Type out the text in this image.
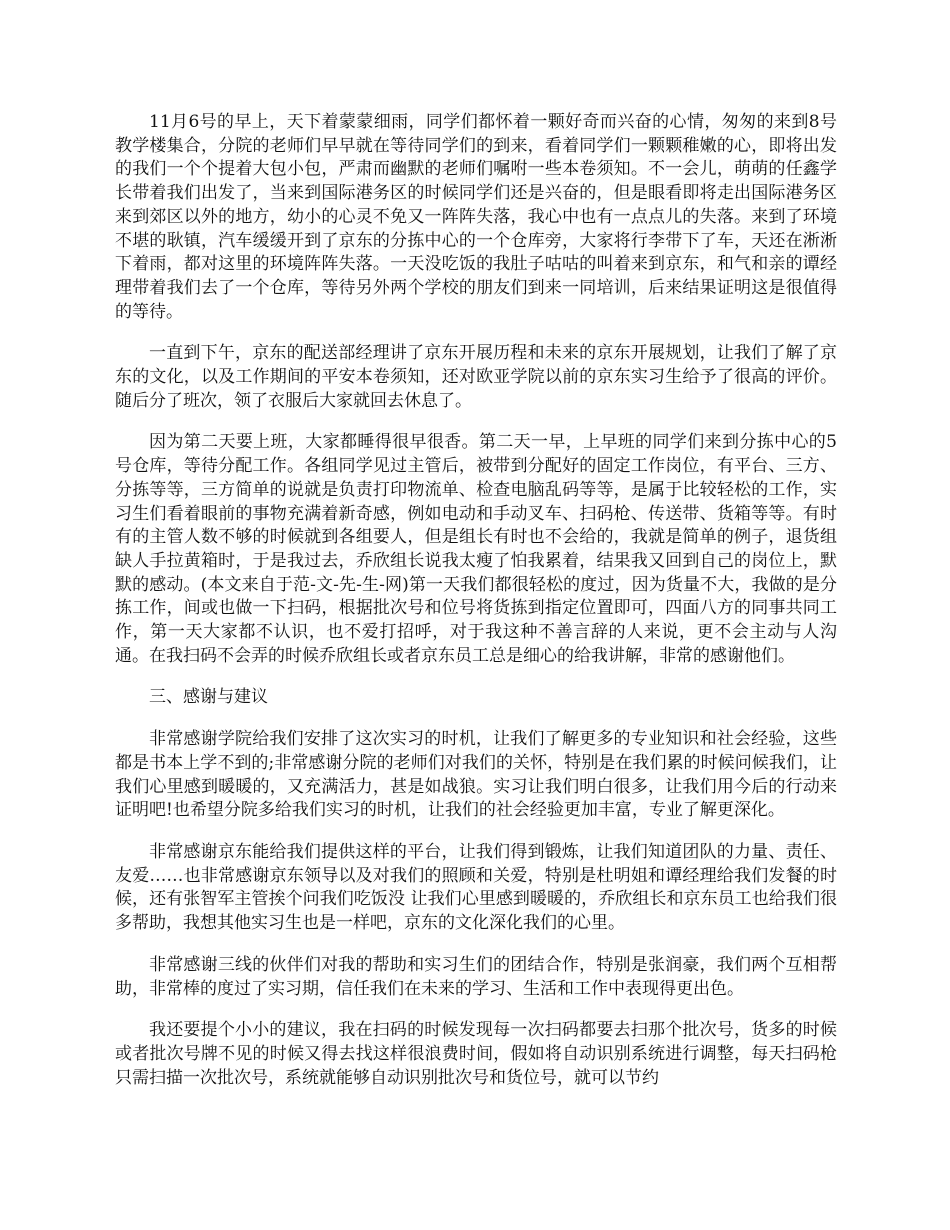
11月6号的早上，天下着蒙蒙细雨，同学们都怀着一颗好奇而兴奋的心情，匆匆的来到8号教学楼集合，分院的老师们早早就在等待同学们的到来，看着同学们一颗颗稚嫩的心，即将出发的我们一个个提着大包小包，严肃而幽默的老师们嘱咐一些本卷须知。不一会儿，萌萌的任鑫学长带着我们出发了，当来到国际港务区的时候同学们还是兴奋的，但是眼看即将走出国际港务区来到郊区以外的地方，幼小的心灵不免又一阵阵失落，我心中也有一点点儿的失落。来到了环境不堪的耿镇，汽车缓缓开到了京东的分拣中心的一个仓库旁，大家将行李带下了车，天还在淅淅下着雨，都对这里的环境阵阵失落。一天没吃饭的我肚子咕咕的叫着来到京东，和气和亲的谭经理带着我们去了一个仓库，等待另外两个学校的朋友们到来一同培训，后来结果证明这是很值得的等待。

一直到下午，京东的配送部经理讲了京东开展历程和未来的京东开展规划，让我们了解了京东的文化，以及工作期间的平安本卷须知，还对欧亚学院以前的京东实习生给予了很高的评价。随后分了班次，领了衣服后大家就回去休息了。

因为第二天要上班，大家都睡得很早很香。第二天一早，上早班的同学们来到分拣中心的5号仓库，等待分配工作。各组同学见过主管后，被带到分配好的固定工作岗位，有平台、三方、分拣等等，三方简单的说就是负责打印物流单、检查电脑乱码等等，是属于比较轻松的工作，实习生们看着眼前的事物充满着新奇感，例如电动和手动叉车、扫码枪、传送带、货箱等等。有时有的主管人数不够的时候就到各组要人，但是组长有时也不会给的，我就是简单的例子，退货组缺人手拉黄箱时，于是我过去，乔欣组长说我太瘦了怕我累着，结果我又回到自己的岗位上，默默的感动。(本文来自于范-文-先-生-网)第一天我们都很轻松的度过，因为货量不大，我做的是分拣工作，间或也做一下扫码，根据批次号和位号将货拣到指定位置即可，四面八方的同事共同工作，第一天大家都不认识，也不爱打招呼，对于我这种不善言辞的人来说，更不会主动与人沟通。在我扫码不会弄的时候乔欣组长或者京东员工总是细心的给我讲解，非常的感谢他们。

三、感谢与建议

非常感谢学院给我们安排了这次实习的时机，让我们了解更多的专业知识和社会经验，这些都是书本上学不到的;非常感谢分院的老师们对我们的关怀，特别是在我们累的时候问候我们，让我们心里感到暖暖的，又充满活力，甚是如战狼。实习让我们明白很多，让我们用今后的行动来证明吧!也希望分院多给我们实习的时机，让我们的社会经验更加丰富，专业了解更深化。

非常感谢京东能给我们提供这样的平台，让我们得到锻炼，让我们知道团队的力量、责任、友爱……也非常感谢京东领导以及对我们的照顾和关爱，特别是杜明姐和谭经理给我们发餐的时候，还有张智军主管挨个问我们吃饭没 让我们心里感到暖暖的，乔欣组长和京东员工也给我们很多帮助，我想其他实习生也是一样吧，京东的文化深化我们的心里。

非常感谢三线的伙伴们对我的帮助和实习生们的团结合作，特别是张润豪，我们两个互相帮助，非常棒的度过了实习期，信任我们在未来的学习、生活和工作中表现得更出色。

我还要提个小小的建议，我在扫码的时候发现每一次扫码都要去扫那个批次号，货多的时候或者批次号牌不见的时候又得去找这样很浪费时间，假如将自动识别系统进行调整，每天扫码枪只需扫描一次批次号，系统就能够自动识别批次号和货位号，就可以节约
